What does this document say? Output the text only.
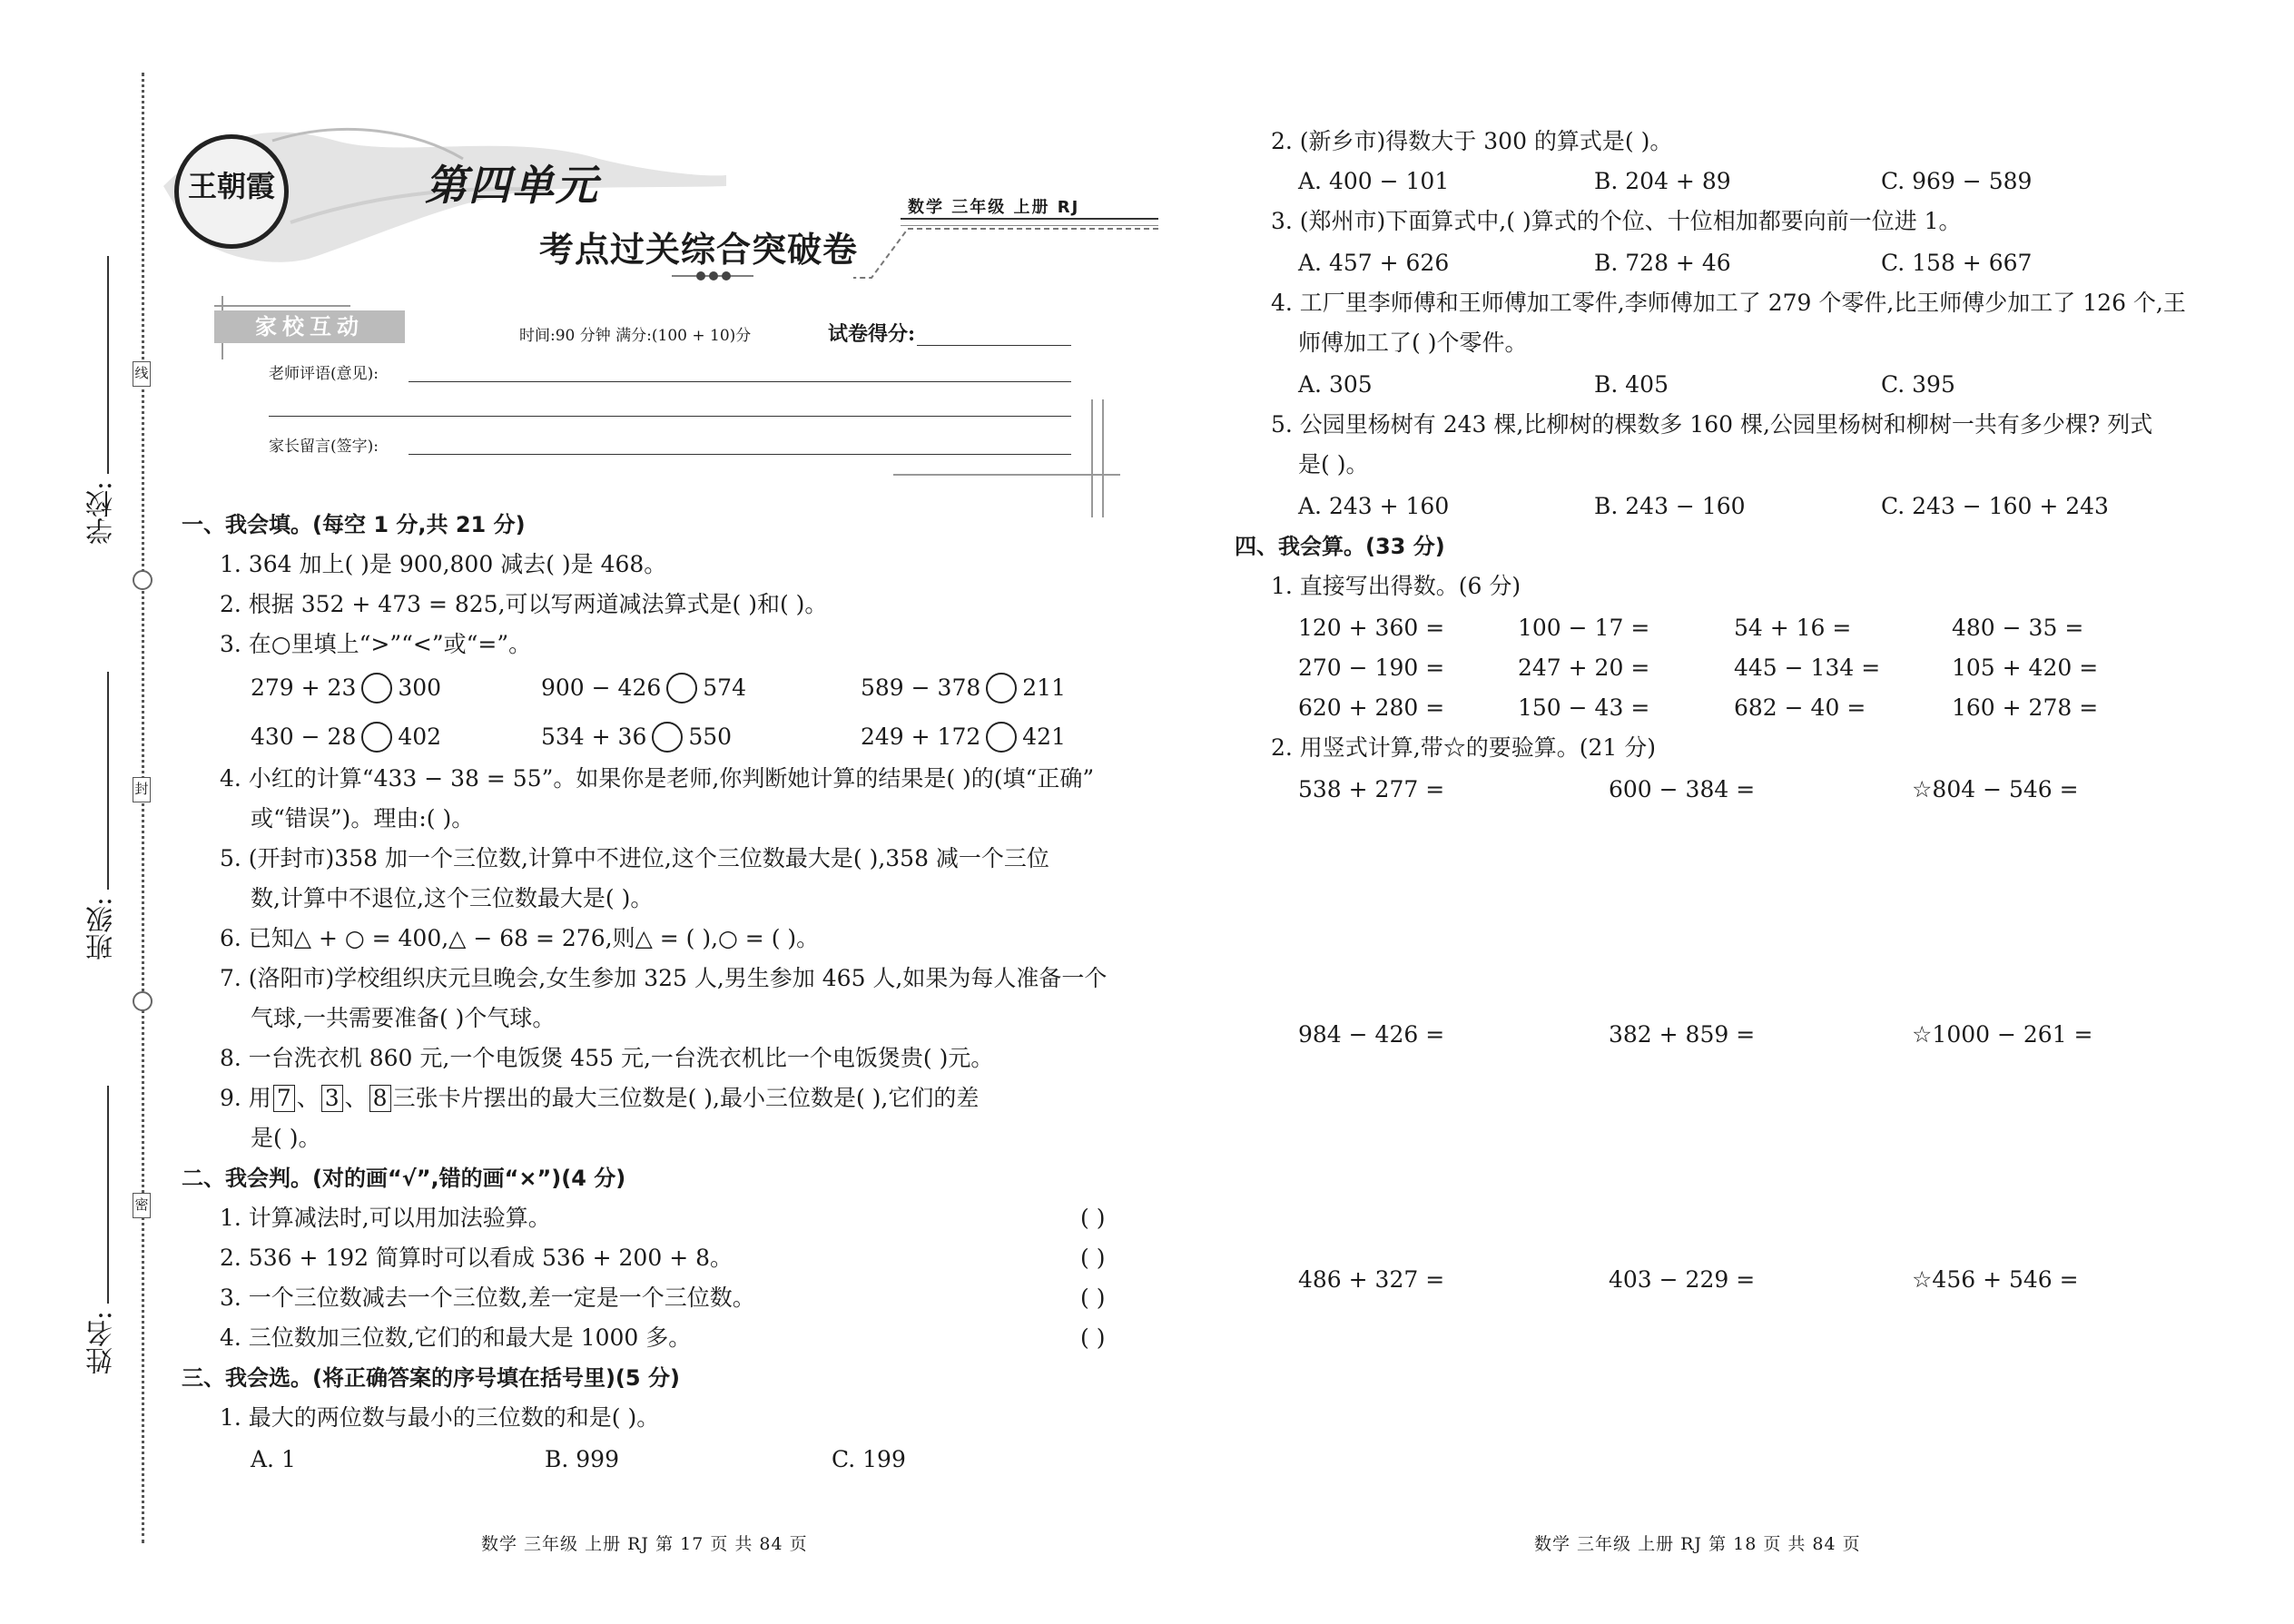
线
封
密
学校:
班级:
姓名:
王朝霞	第四单元
考点过关综合突破卷
数学 三年级 上册 RJ
家校互动	时间:90 分钟 满分:(100 + 10)分	试卷得分:
老师评语(意见):
家长留言(签字):
一、我会填。(每空 1 分,共 21 分)
1. 364 加上( )是 900,800 减去( )是 468。
2. 根据 352 + 473 = 825,可以写两道减法算式是( )和( )。
3. 在○里填上“>”“<”或“=”。
279 + 23 300	900 − 426 574	589 − 378 211
430 − 28 402	534 + 36 550	249 + 172 421
4. 小红的计算“433 − 38 = 55”。如果你是老师,你判断她计算的结果是( )的(填“正确”
或“错误”)。理由:( )。
5. (开封市)358 加一个三位数,计算中不进位,这个三位数最大是( ),358 减一个三位
数,计算中不退位,这个三位数最大是( )。
6. 已知△ + ○ = 400,△ − 68 = 276,则△ = ( ),○ = ( )。
7. (洛阳市)学校组织庆元旦晚会,女生参加 325 人,男生参加 465 人,如果为每人准备一个
气球,一共需要准备( )个气球。
8. 一台洗衣机 860 元,一个电饭煲 455 元,一台洗衣机比一个电饭煲贵( )元。
9. 用 7 、 3 、 8 三张卡片摆出的最大三位数是( ),最小三位数是( ),它们的差
是( )。
二、我会判。(对的画“√”,错的画“×”)(4 分)
1. 计算减法时,可以用加法验算。	( )
2. 536 + 192 简算时可以看成 536 + 200 + 8。	( )
3. 一个三位数减去一个三位数,差一定是一个三位数。	( )
4. 三位数加三位数,它们的和最大是 1000 多。	( )
三、我会选。(将正确答案的序号填在括号里)(5 分)
1. 最大的两位数与最小的三位数的和是( )。
A. 1	B. 999	C. 199
2. (新乡市)得数大于 300 的算式是( )。
A. 400 − 101	B. 204 + 89	C. 969 − 589
3. (郑州市)下面算式中,( )算式的个位、十位相加都要向前一位进 1。
A. 457 + 626	B. 728 + 46	C. 158 + 667
4. 工厂里李师傅和王师傅加工零件,李师傅加工了 279 个零件,比王师傅少加工了 126 个,王
师傅加工了( )个零件。
A. 305	B. 405	C. 395
5. 公园里杨树有 243 棵,比柳树的棵数多 160 棵,公园里杨树和柳树一共有多少棵? 列式
是( )。
A. 243 + 160	B. 243 − 160	C. 243 − 160 + 243
四、我会算。(33 分)
1. 直接写出得数。(6 分)
120 + 360 =	100 − 17 =	54 + 16 =	480 − 35 =
270 − 190 =	247 + 20 =	445 − 134 =	105 + 420 =
620 + 280 =	150 − 43 =	682 − 40 =	160 + 278 =
2. 用竖式计算,带☆的要验算。(21 分)
538 + 277 =	600 − 384 =	☆804 − 546 =
984 − 426 =	382 + 859 =	☆1000 − 261 =
486 + 327 =	403 − 229 =	☆456 + 546 =
数学 三年级 上册 RJ 第 17 页 共 84 页	数学 三年级 上册 RJ 第 18 页 共 84 页
